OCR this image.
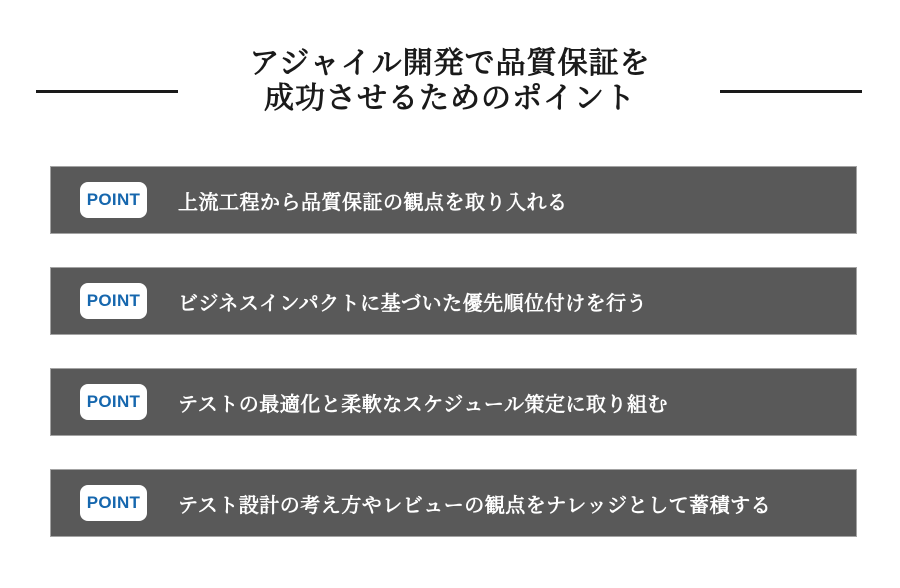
アジャイル開発で品質保証を
成功させるためのポイント
POINT	上流工程から品質保証の観点を取り入れる
POINT	ビジネスインパクトに基づいた優先順位付けを行う
POINT	テストの最適化と柔軟なスケジュール策定に取り組む
POINT	テスト設計の考え方やレビューの観点をナレッジとして蓄積する
